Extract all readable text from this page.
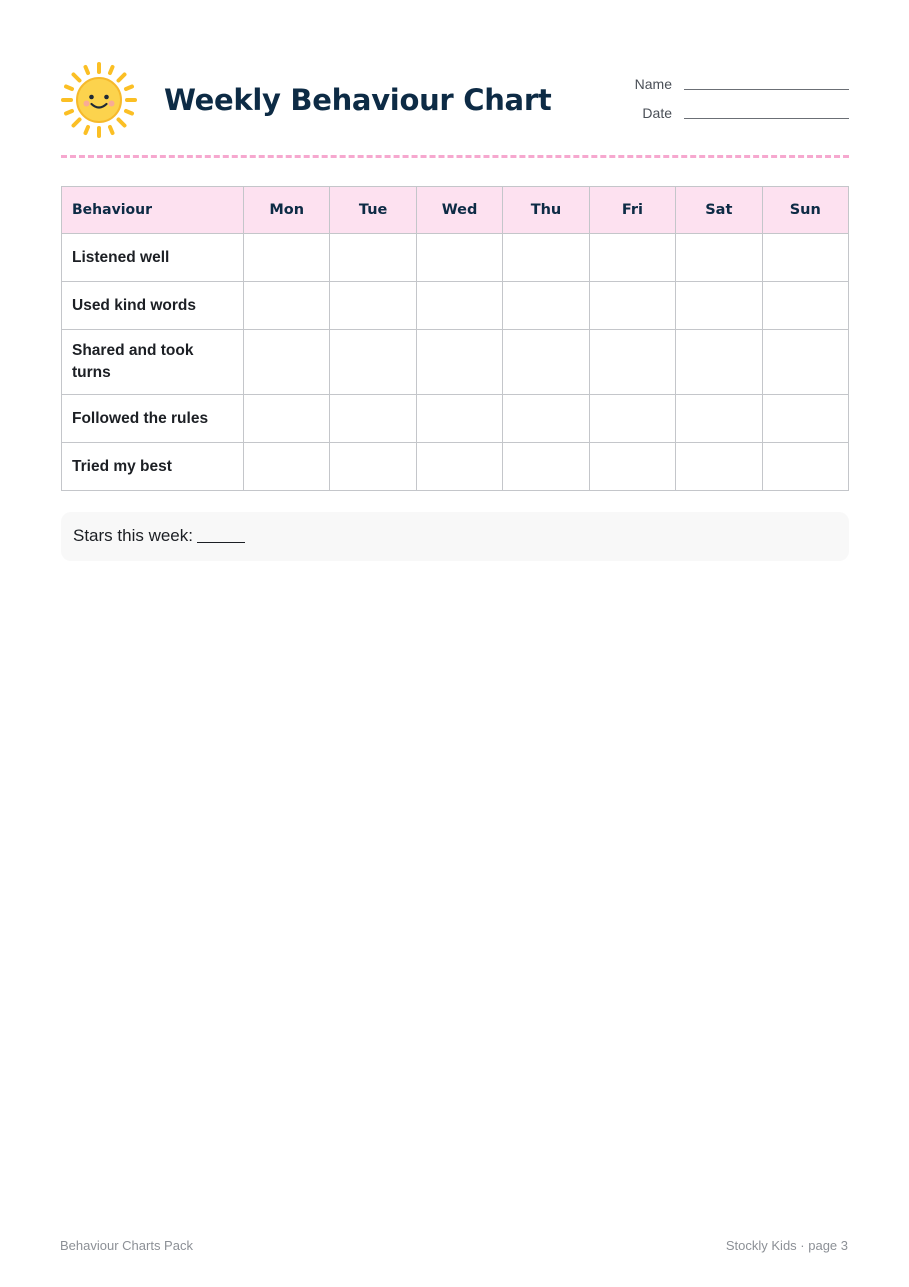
Weekly Behaviour Chart	Name
Date
Behaviour	Mon	Tue	Wed	Thu	Fri	Sat	Sun
Listened well							
Used kind words							
Shared and took turns							
Followed the rules							
Tried my best							
Stars this week:
Behaviour Charts Pack	Stockly Kids · page 3
